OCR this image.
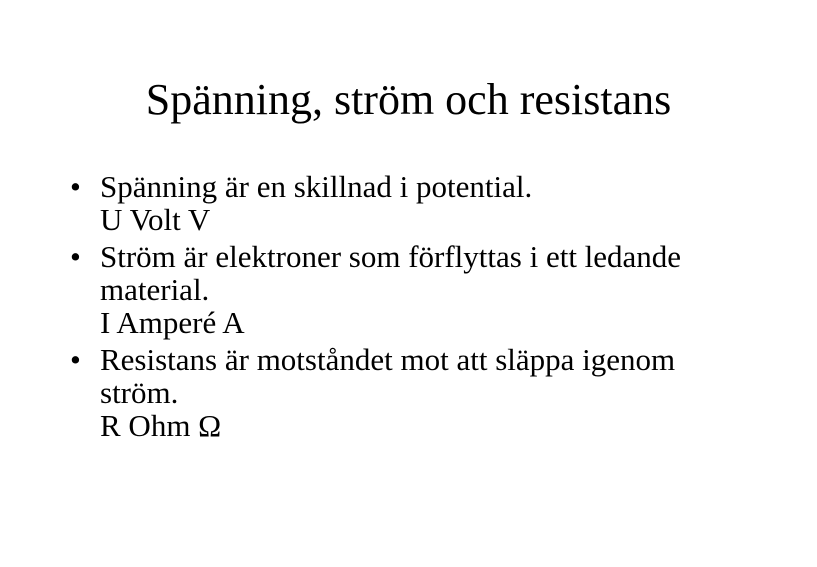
Spänning, ström och resistans
• Spänning är en skillnad i potential.
U Volt V
• Ström är elektroner som förflyttas i ett ledande
material.
I Amperé A
• Resistans är motståndet mot att släppa igenom
ström.
R Ohm Ω
